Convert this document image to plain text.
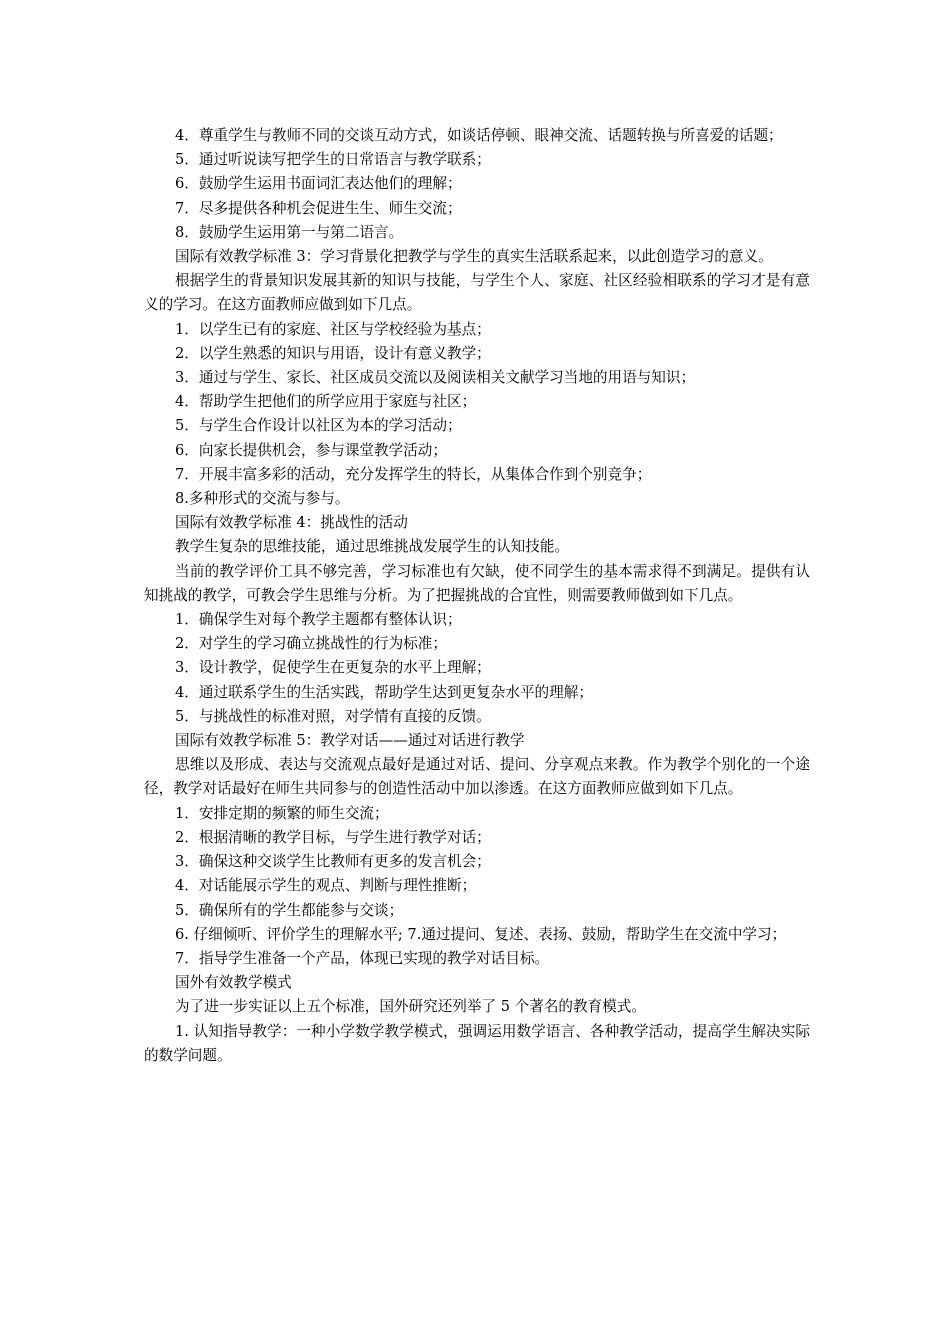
4．尊重学生与教师不同的交谈互动方式，如谈话停顿、眼神交流、话题转换与所喜爱的话题；

5．通过听说读写把学生的日常语言与教学联系；

6．鼓励学生运用书面词汇表达他们的理解；

7．尽多提供各种机会促进生生、师生交流；

8．鼓励学生运用第一与第二语言。

国际有效教学标准 3：学习背景化把教学与学生的真实生活联系起来，以此创造学习的意义。

根据学生的背景知识发展其新的知识与技能，与学生个人、家庭、社区经验相联系的学习才是有意义的学习。在这方面教师应做到如下几点。

1．以学生已有的家庭、社区与学校经验为基点；

2．以学生熟悉的知识与用语，设计有意义教学；

3．通过与学生、家长、社区成员交流以及阅读相关文献学习当地的用语与知识；

4．帮助学生把他们的所学应用于家庭与社区；

5．与学生合作设计以社区为本的学习活动；

6．向家长提供机会，参与课堂教学活动；

7．开展丰富多彩的活动，充分发挥学生的特长，从集体合作到个别竞争；

8.多种形式的交流与参与。

国际有效教学标准 4：挑战性的活动

教学生复杂的思维技能，通过思维挑战发展学生的认知技能。

当前的教学评价工具不够完善，学习标准也有欠缺，使不同学生的基本需求得不到满足。提供有认知挑战的教学，可教会学生思维与分析。为了把握挑战的合宜性，则需要教师做到如下几点。

1．确保学生对每个教学主题都有整体认识；

2．对学生的学习确立挑战性的行为标准；

3．设计教学，促使学生在更复杂的水平上理解；

4．通过联系学生的生活实践，帮助学生达到更复杂水平的理解；

5．与挑战性的标准对照，对学情有直接的反馈。

国际有效教学标准 5：教学对话——通过对话进行教学

思维以及形成、表达与交流观点最好是通过对话、提问、分享观点来教。作为教学个别化的一个途径，教学对话最好在师生共同参与的创造性活动中加以渗透。在这方面教师应做到如下几点。

1．安排定期的频繁的师生交流；

2．根据清晰的教学目标，与学生进行教学对话；

3．确保这种交谈学生比教师有更多的发言机会；

4．对话能展示学生的观点、判断与理性推断；

5．确保所有的学生都能参与交谈；

6. 仔细倾听、评价学生的理解水平; 7.通过提问、复述、表扬、鼓励，帮助学生在交流中学习；

7．指导学生准备一个产品，体现已实现的教学对话目标。

国外有效教学模式

为了进一步实证以上五个标准，国外研究还列举了 5 个著名的教育模式。

1. 认知指导教学：一种小学数学教学模式，强调运用数学语言、各种教学活动，提高学生解决实际的数学问题。
